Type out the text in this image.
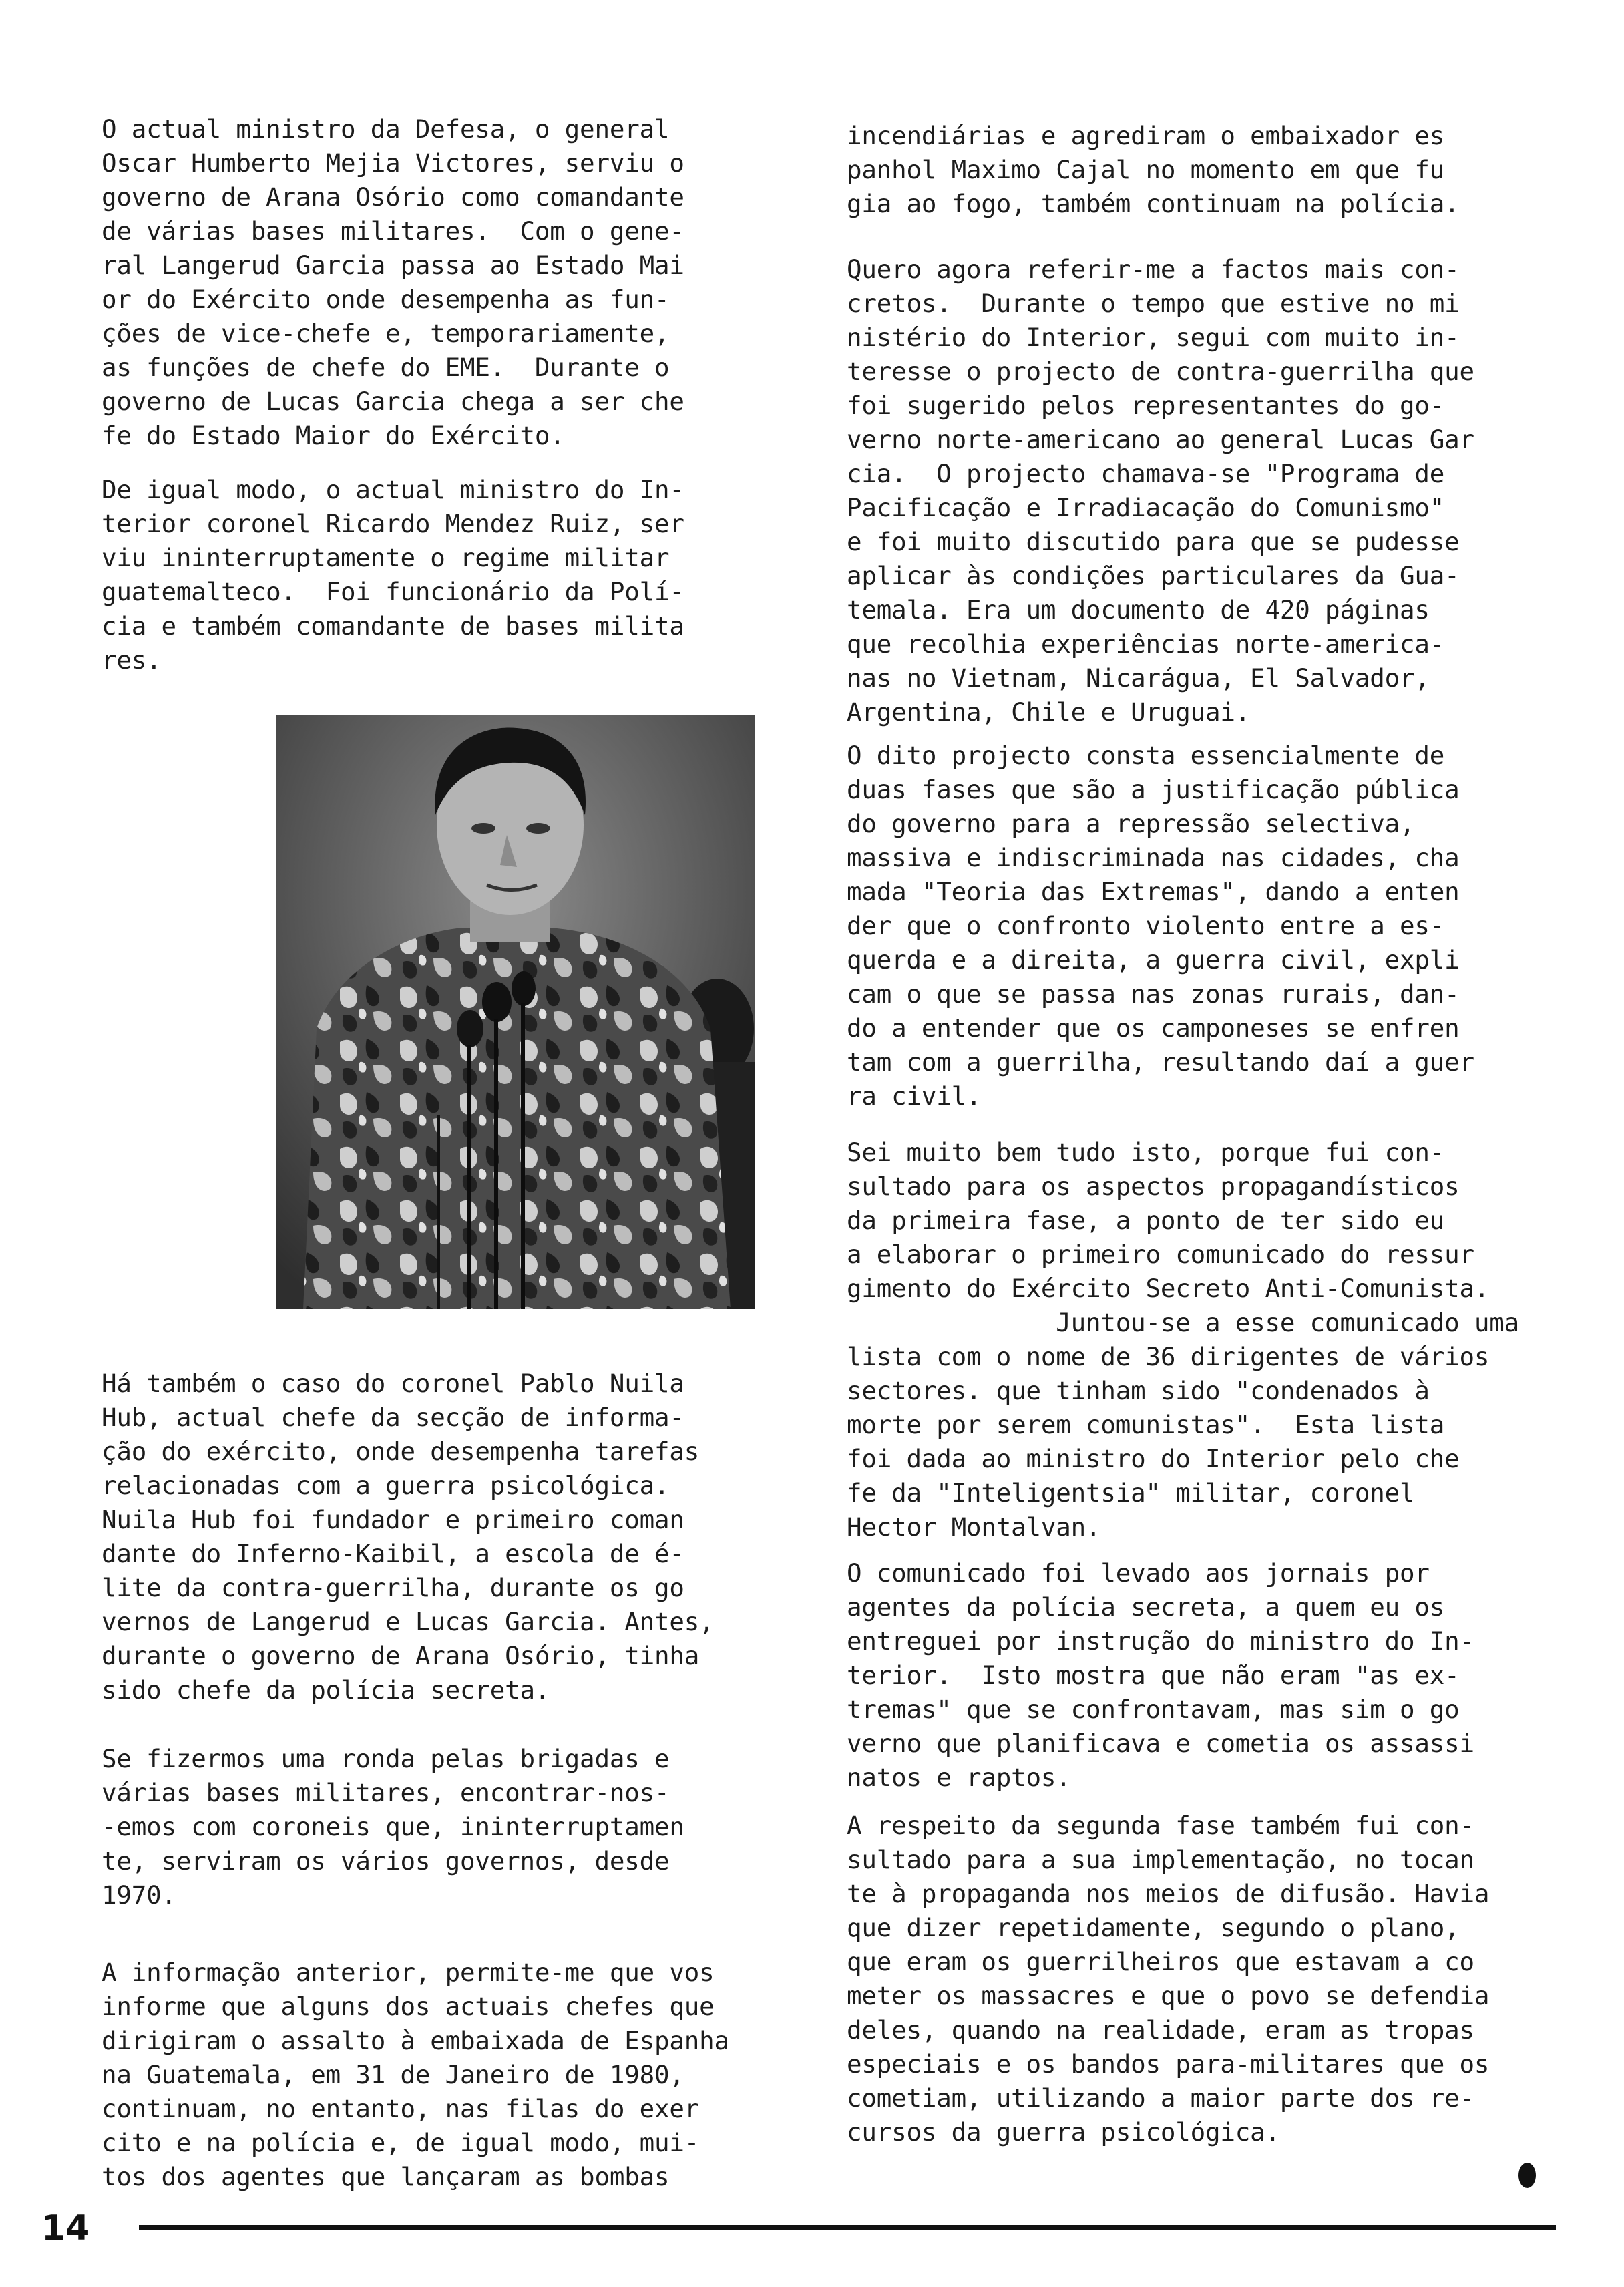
O actual ministro da Defesa, o general
Oscar Humberto Mejia Victores, serviu o
governo de Arana Osório como comandante
de várias bases militares.  Com o gene-
ral Langerud Garcia passa ao Estado Mai
or do Exército onde desempenha as fun-
ções de vice-chefe e, temporariamente,
as funções de chefe do EME.  Durante o
governo de Lucas Garcia chega a ser che
fe do Estado Maior do Exército.
De igual modo, o actual ministro do In-
terior coronel Ricardo Mendez Ruiz, ser
viu ininterruptamente o regime militar
guatemalteco.  Foi funcionário da Polí-
cia e também comandante de bases milita
res.
Há também o caso do coronel Pablo Nuila
Hub, actual chefe da secção de informa-
ção do exército, onde desempenha tarefas
relacionadas com a guerra psicológica.
Nuila Hub foi fundador e primeiro coman
dante do Inferno-Kaibil, a escola de é-
lite da contra-guerrilha, durante os go
vernos de Langerud e Lucas Garcia. Antes,
durante o governo de Arana Osório, tinha
sido chefe da polícia secreta.
Se fizermos uma ronda pelas brigadas e
várias bases militares, encontrar-nos-
-emos com coroneis que, ininterruptamen
te, serviram os vários governos, desde
1970.
A informação anterior, permite-me que vos
informe que alguns dos actuais chefes que
dirigiram o assalto à embaixada de Espanha
na Guatemala, em 31 de Janeiro de 1980,
continuam, no entanto, nas filas do exer
cito e na polícia e, de igual modo, mui-
tos dos agentes que lançaram as bombas
incendiárias e agrediram o embaixador es
panhol Maximo Cajal no momento em que fu
gia ao fogo, também continuam na polícia.
Quero agora referir-me a factos mais con-
cretos.  Durante o tempo que estive no mi
nistério do Interior, segui com muito in-
teresse o projecto de contra-guerrilha que
foi sugerido pelos representantes do go-
verno norte-americano ao general Lucas Gar
cia.  O projecto chamava-se "Programa de
Pacificação e Irradiacação do Comunismo"
e foi muito discutido para que se pudesse
aplicar às condições particulares da Gua-
temala. Era um documento de 420 páginas
que recolhia experiências norte-america-
nas no Vietnam, Nicarágua, El Salvador,
Argentina, Chile e Uruguai.
O dito projecto consta essencialmente de
duas fases que são a justificação pública
do governo para a repressão selectiva,
massiva e indiscriminada nas cidades, cha
mada "Teoria das Extremas", dando a enten
der que o confronto violento entre a es-
querda e a direita, a guerra civil, expli
cam o que se passa nas zonas rurais, dan-
do a entender que os camponeses se enfren
tam com a guerrilha, resultando daí a guer
ra civil.
Sei muito bem tudo isto, porque fui con-
sultado para os aspectos propagandísticos
da primeira fase, a ponto de ter sido eu
a elaborar o primeiro comunicado do ressur
gimento do Exército Secreto Anti-Comunista.
Juntou-se a esse comunicado uma
lista com o nome de 36 dirigentes de vários
sectores. que tinham sido "condenados à
morte por serem comunistas".  Esta lista
foi dada ao ministro do Interior pelo che
fe da "Inteligentsia" militar, coronel
Hector Montalvan.
O comunicado foi levado aos jornais por
agentes da polícia secreta, a quem eu os
entreguei por instrução do ministro do In-
terior.  Isto mostra que não eram "as ex-
tremas" que se confrontavam, mas sim o go
verno que planificava e cometia os assassi
natos e raptos.
A respeito da segunda fase também fui con-
sultado para a sua implementação, no tocan
te à propaganda nos meios de difusão. Havia
que dizer repetidamente, segundo o plano,
que eram os guerrilheiros que estavam a co
meter os massacres e que o povo se defendia
deles, quando na realidade, eram as tropas
especiais e os bandos para-militares que os
cometiam, utilizando a maior parte dos re-
cursos da guerra psicológica.
14
